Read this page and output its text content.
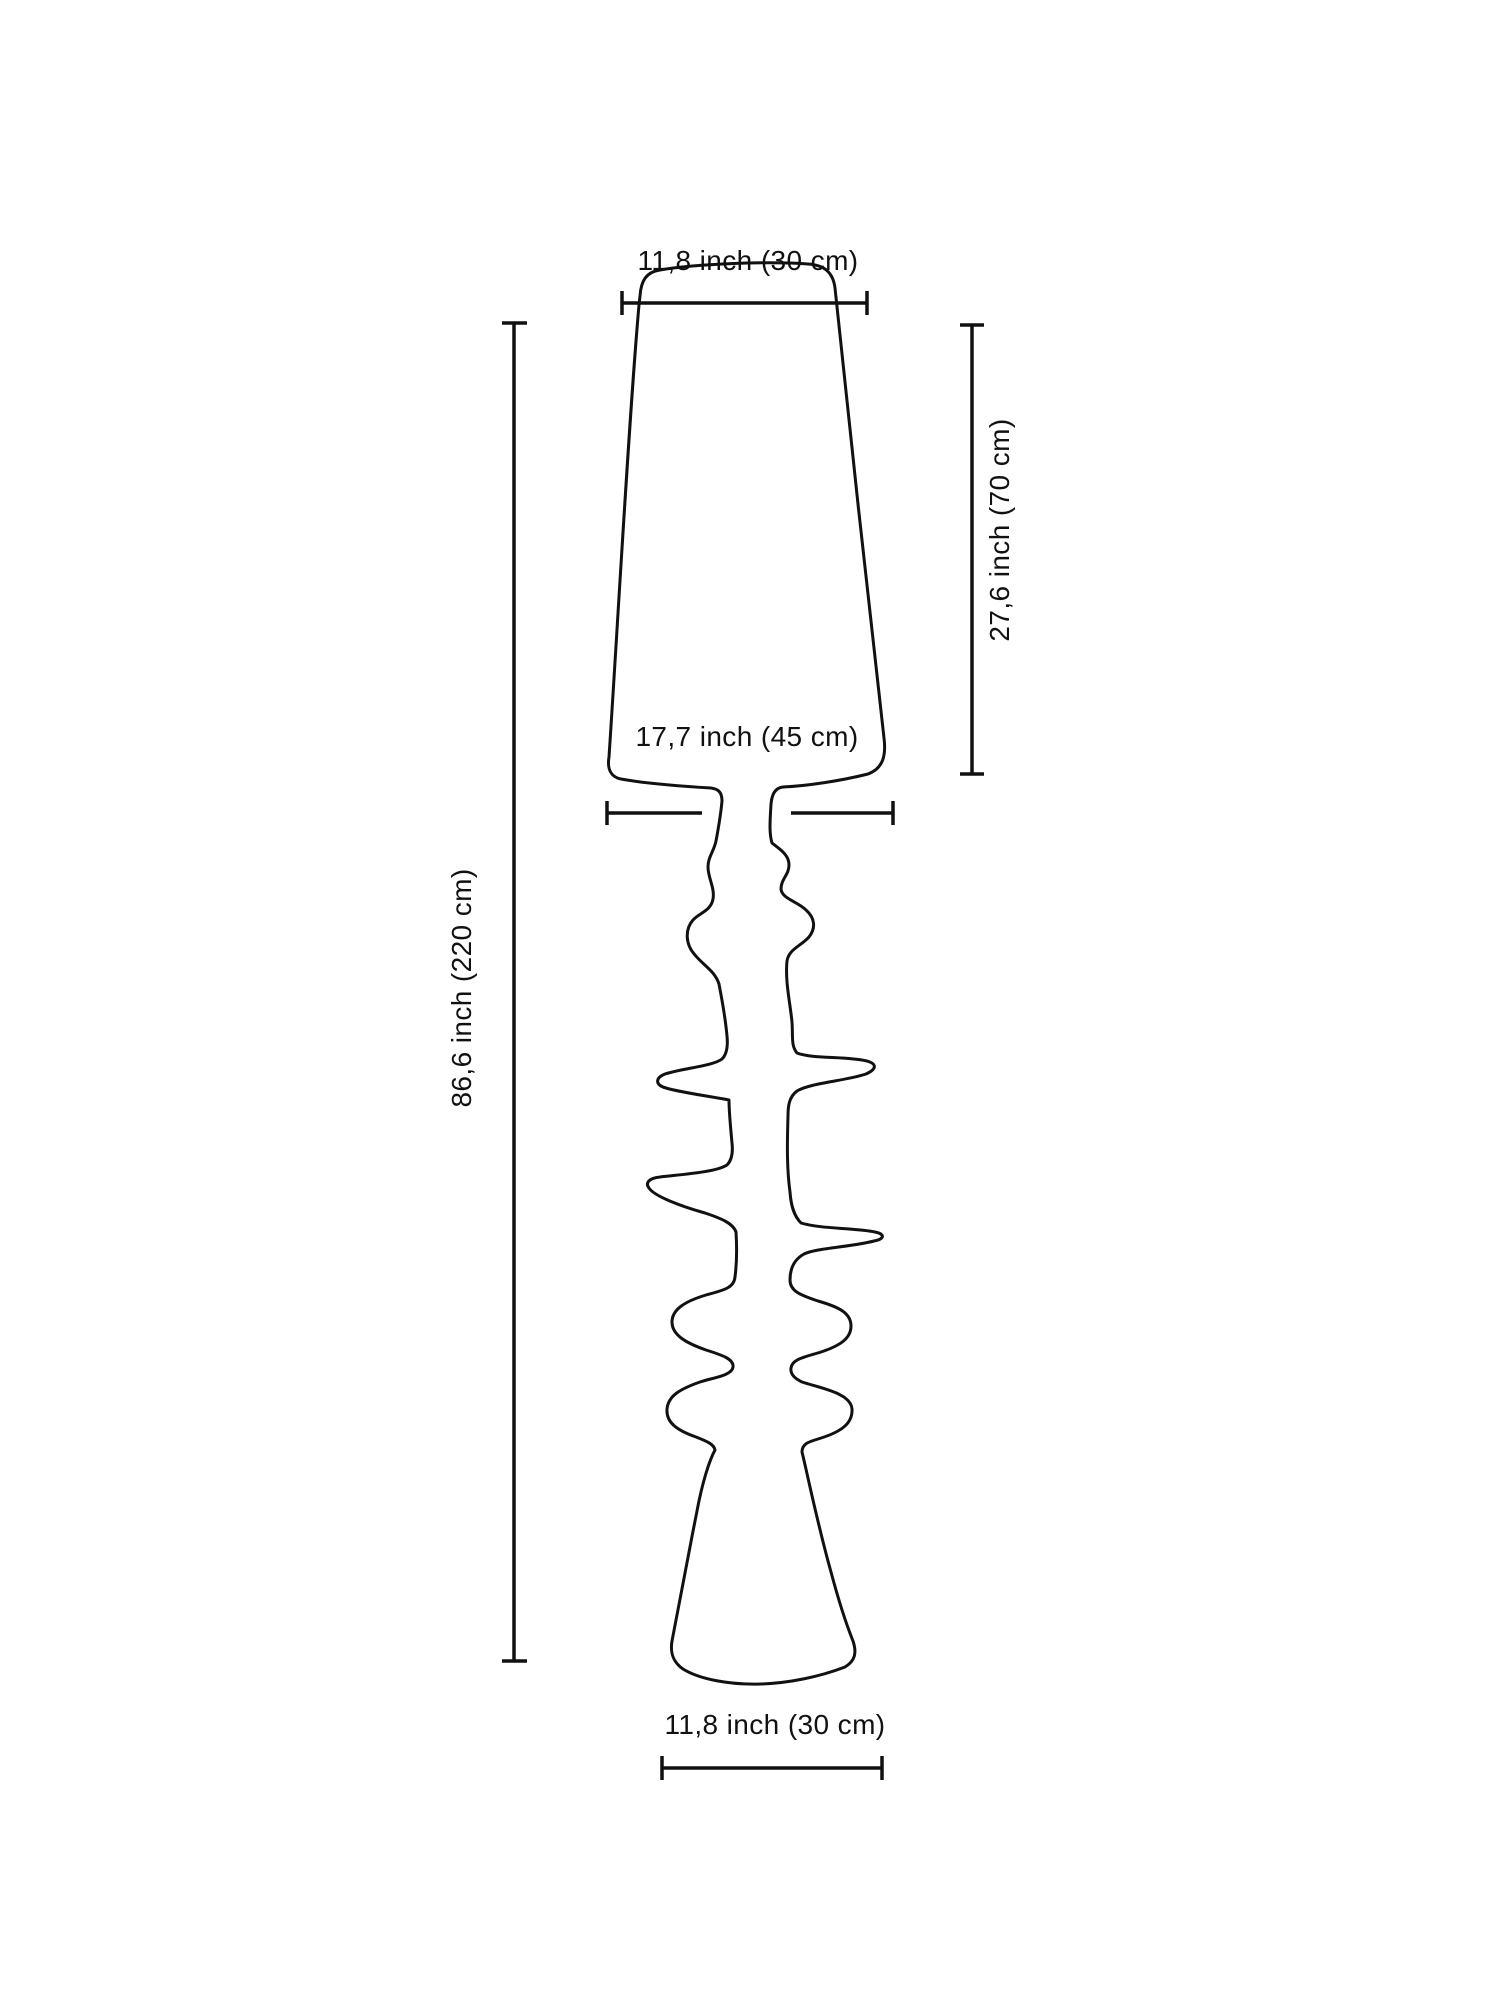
11,8 inch (30 cm)
27,6 inch (70 cm)
17,7 inch (45 cm)
86,6 inch (220 cm)
11,8 inch (30 cm)
